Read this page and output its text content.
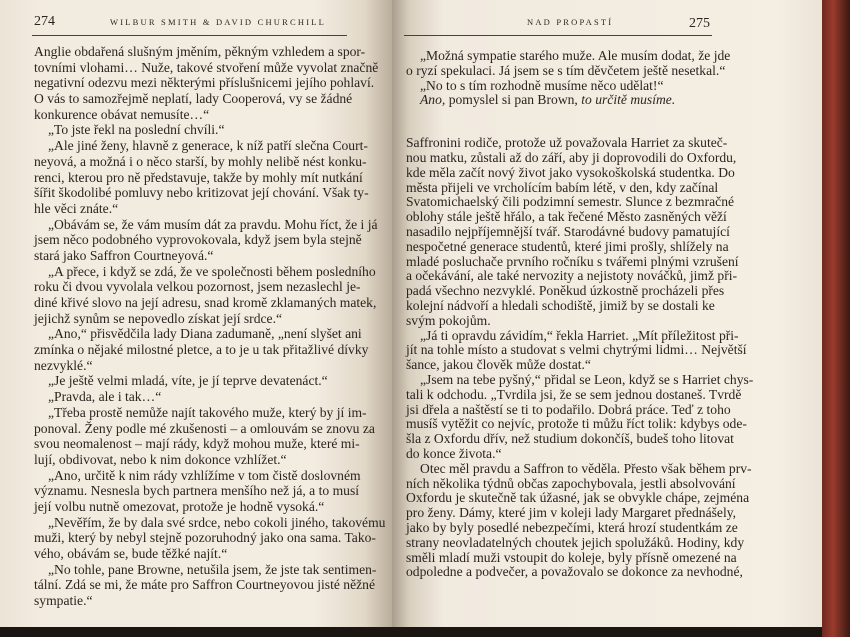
274	WILBUR SMITH & DAVID CHURCHILL
Anglie obdařená slušným jměním, pěkným vzhledem a spor-
tovními vlohami… Nuže, takové stvoření může vyvolat značně
negativní odezvu mezi některými příslušnicemi jejího pohlaví.
O vás to samozřejmě neplatí, lady Cooperová, vy se žádné
konkurence obávat nemusíte…“
„To jste řekl na poslední chvíli.“
„Ale jiné ženy, hlavně z generace, k níž patří slečna Court-
neyová, a možná i o něco starší, by mohly nelibě nést konku-
renci, kterou pro ně představuje, takže by mohly mít nutkání
šířit škodolibé pomluvy nebo kritizovat její chování. Však ty-
hle věci znáte.“
„Obávám se, že vám musím dát za pravdu. Mohu říct, že i já
jsem něco podobného vyprovokovala, když jsem byla stejně
stará jako Saffron Courtneyová.“
„A přece, i když se zdá, že ve společnosti během posledního
roku či dvou vyvolala velkou pozornost, jsem nezaslechl je-
diné křivé slovo na její adresu, snad kromě zklamaných matek,
jejichž synům se nepovedlo získat její srdce.“
„Ano,“ přisvědčila lady Diana zadumaně, „není slyšet ani
zmínka o nějaké milostné pletce, a to je u tak přitažlivé dívky
nezvyklé.“
„Je ještě velmi mladá, víte, je jí teprve devatenáct.“
„Pravda, ale i tak…“
„Třeba prostě nemůže najít takového muže, který by jí im-
ponoval. Ženy podle mé zkušenosti – a omlouvám se znovu za
svou neomalenost – mají rády, když mohou muže, které mi-
lují, obdivovat, nebo k nim dokonce vzhlížet.“
„Ano, určitě k nim rády vzhlížíme v tom čistě doslovném
významu. Nesnesla bych partnera menšího než já, a to musí
její volbu nutně omezovat, protože je hodně vysoká.“
„Nevěřím, že by dala své srdce, nebo cokoli jiného, takovému
muži, který by nebyl stejně pozoruhodný jako ona sama. Tako-
vého, obávám se, bude těžké najít.“
„No tohle, pane Browne, netušila jsem, že jste tak sentimen-
tální. Zdá se mi, že máte pro Saffron Courtneyovou jisté něžné
sympatie.“
NAD PROPASTÍ	275
„Možná sympatie starého muže. Ale musím dodat, že jde
o ryzí spekulaci. Já jsem se s tím děvčetem ještě nesetkal.“
„No to s tím rozhodně musíme něco udělat!“
Ano, pomyslel si pan Brown, to určitě musíme.
Saffronini rodiče, protože už považovala Harriet za skuteč-
nou matku, zůstali až do září, aby ji doprovodili do Oxfordu,
kde měla začít nový život jako vysokoškolská studentka. Do
města přijeli ve vrcholícím babím létě, v den, kdy začínal
Svatomichaelský čili podzimní semestr. Slunce z bezmračné
oblohy stále ještě hřálo, a tak řečené Město zasněných věží
nasadilo nejpříjemnější tvář. Starodávné budovy pamatující
nespočetné generace studentů, které jimi prošly, shlížely na
mladé posluchače prvního ročníku s tvářemi plnými vzrušení
a očekávání, ale také nervozity a nejistoty nováčků, jimž při-
padá všechno nezvyklé. Poněkud úzkostně procházeli přes
kolejní nádvoří a hledali schodiště, jimiž by se dostali ke
svým pokojům.
„Já ti opravdu závidím,“ řekla Harriet. „Mít příležitost při-
jít na tohle místo a studovat s velmi chytrými lidmi… Největší
šance, jakou člověk může dostat.“
„Jsem na tebe pyšný,“ přidal se Leon, když se s Harriet chys-
tali k odchodu. „Tvrdila jsi, že se sem jednou dostaneš. Tvrdě
jsi dřela a naštěstí se ti to podařilo. Dobrá práce. Teď z toho
musíš vytěžit co nejvíc, protože ti můžu říct tolik: kdybys ode-
šla z Oxfordu dřív, než studium dokončíš, budeš toho litovat
do konce života.“
Otec měl pravdu a Saffron to věděla. Přesto však během prv-
ních několika týdnů občas zapochybovala, jestli absolvování
Oxfordu je skutečně tak úžasné, jak se obvykle chápe, zejména
pro ženy. Dámy, které jim v koleji lady Margaret přednášely,
jako by byly posedlé nebezpečími, která hrozí studentkám ze
strany neovladatelných choutek jejich spolužáků. Hodiny, kdy
směli mladí muži vstoupit do koleje, byly přísně omezené na
odpoledne a podvečer, a považovalo se dokonce za nevhodné,
